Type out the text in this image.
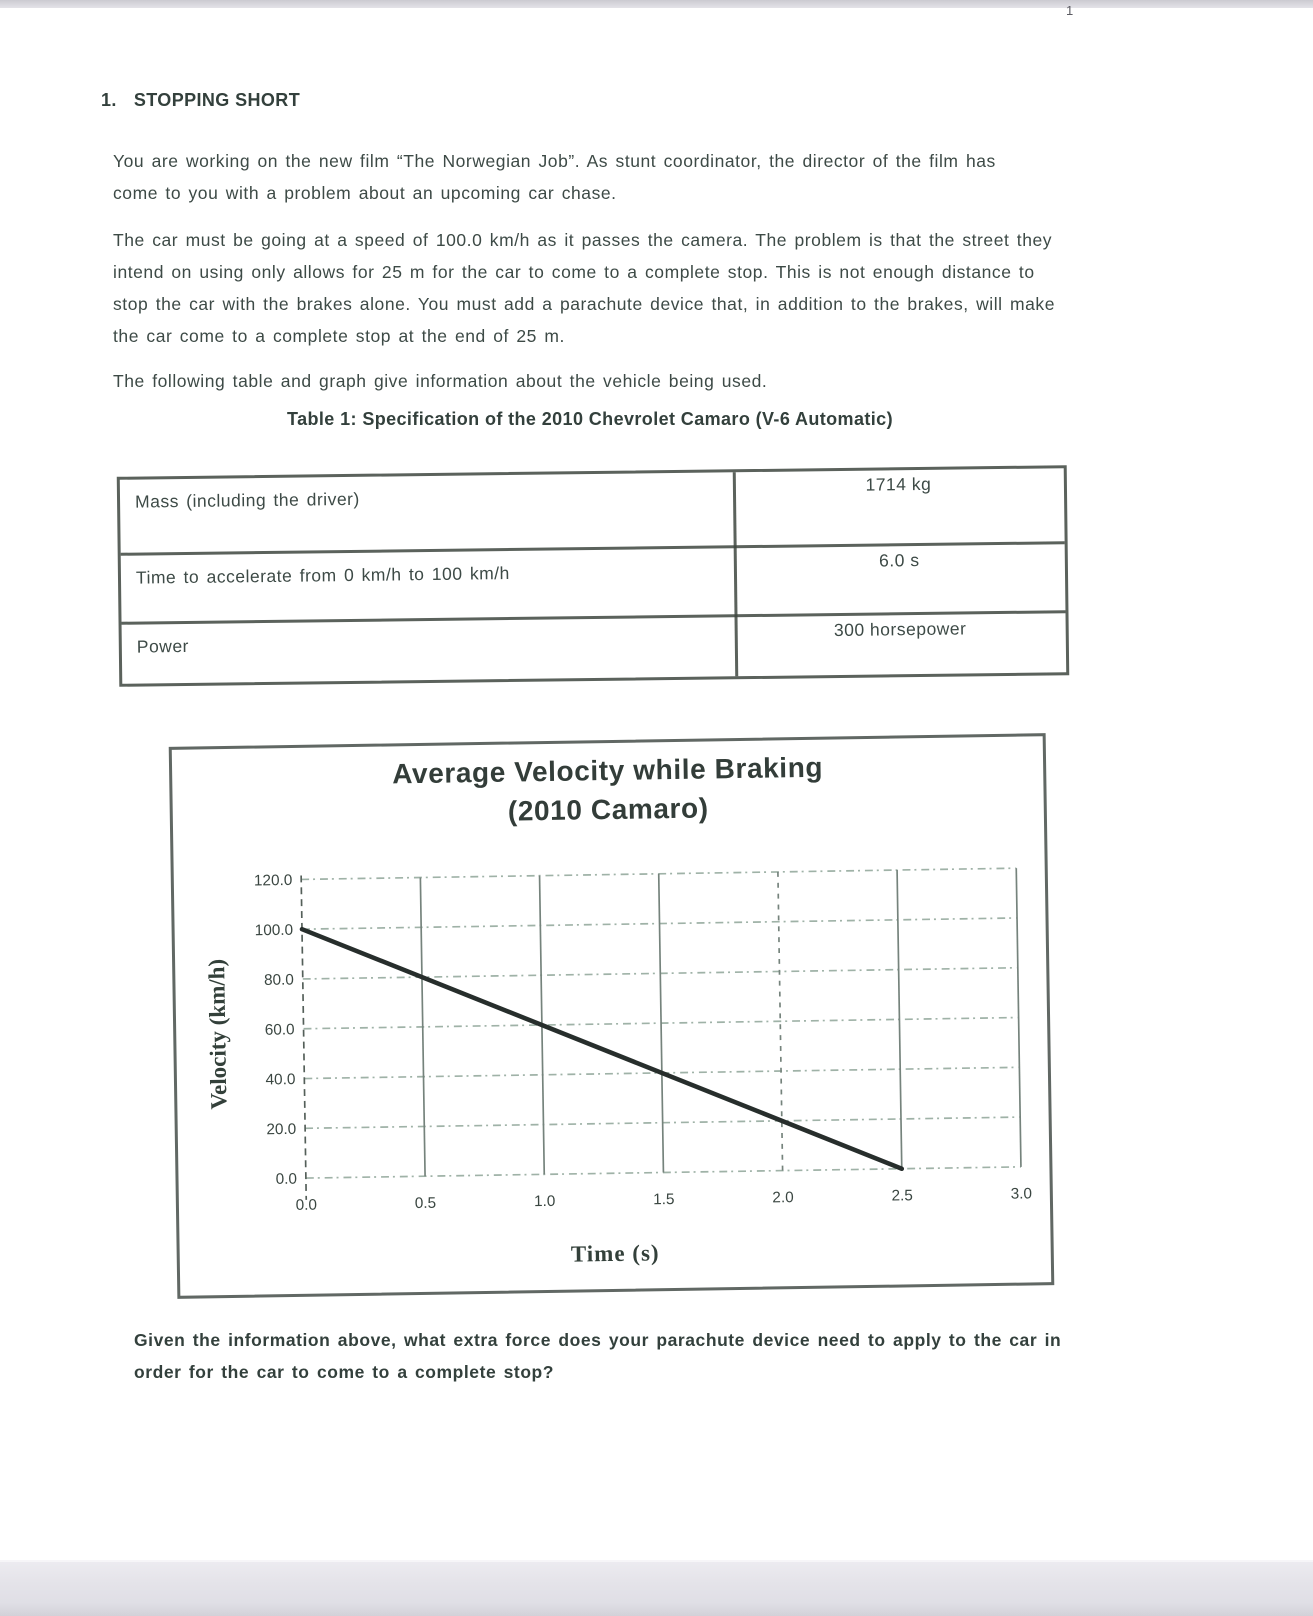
1
1. STOPPING SHORT
You are working on the new film “The Norwegian Job”. As stunt coordinator, the director of the film has come to you with a problem about an upcoming car chase.
The car must be going at a speed of 100.0 km/h as it passes the camera. The problem is that the street they intend on using only allows for 25 m for the car to come to a complete stop. This is not enough distance to stop the car with the brakes alone. You must add a parachute device that, in addition to the brakes, will make the car come to a complete stop at the end of 25 m.
The following table and graph give information about the vehicle being used.
Table 1: Specification of the 2010 Chevrolet Camaro (V-6 Automatic)
Mass (including the driver)
1714 kg
Time to accelerate from 0 km/h to 100 km/h
6.0 s
Power
300 horsepower
Average Velocity while Braking
(2010 Camaro)
Velocity (km/h)
Time (s)
0.0
20.0
40.0
60.0
80.0
100.0
120.0
0.0	0.5	1.0	1.5	2.0	2.5	3.0
Given the information above, what extra force does your parachute device need to apply to the car in order for the car to come to a complete stop?
